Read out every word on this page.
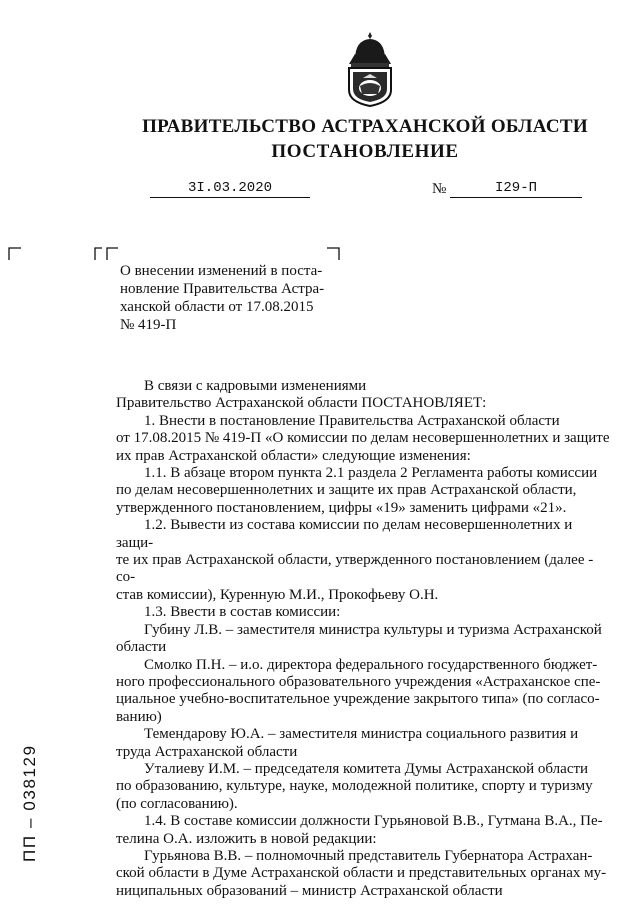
ПРАВИТЕЛЬСТВО АСТРАХАНСКОЙ ОБЛАСТИ
ПОСТАНОВЛЕНИЕ
3I.03.2020	№	I29-П
О внесении изменений в поста-
новление Правительства Астра-
ханской области от 17.08.2015
№ 419-П

В связи с кадровыми изменениями

Правительство Астраханской области ПОСТАНОВЛЯЕТ:

1. Внести в постановление Правительства Астраханской области
от 17.08.2015 № 419-П «О комиссии по делам несовершеннолетних и защите
их прав Астраханской области» следующие изменения:

1.1. В абзаце втором пункта 2.1 раздела 2 Регламента работы комиссии
по делам несовершеннолетних и защите их прав Астраханской области,
утвержденного постановлением, цифры «19» заменить цифрами «21».

1.2. Вывести из состава комиссии по делам несовершеннолетних и защи-
те их прав Астраханской области, утвержденного постановлением (далее - со-
став комиссии), Куренную М.И., Прокофьеву О.Н.

1.3. Ввести в состав комиссии:

Губину Л.В. – заместителя министра культуры и туризма Астраханской
области

Смолко П.Н. – и.о. директора федерального государственного бюджет-
ного профессионального образовательного учреждения «Астраханское спе-
циальное учебно-воспитательное учреждение закрытого типа» (по согласо-
ванию)

Темендарову Ю.А. – заместителя министра социального развития и
труда Астраханской области

Уталиеву И.М. – председателя комитета Думы Астраханской области
по образованию, культуре, науке, молодежной политике, спорту и туризму
(по согласованию).

1.4. В составе комиссии должности Гурьяновой В.В., Гутмана В.А., Пе-
телина О.А. изложить в новой редакции:

Гурьянова В.В. – полномочный представитель Губернатора Астрахан-
ской области в Думе Астраханской области и представительных органах му-
ниципальных образований – министр Астраханской области

ПП – 038129
